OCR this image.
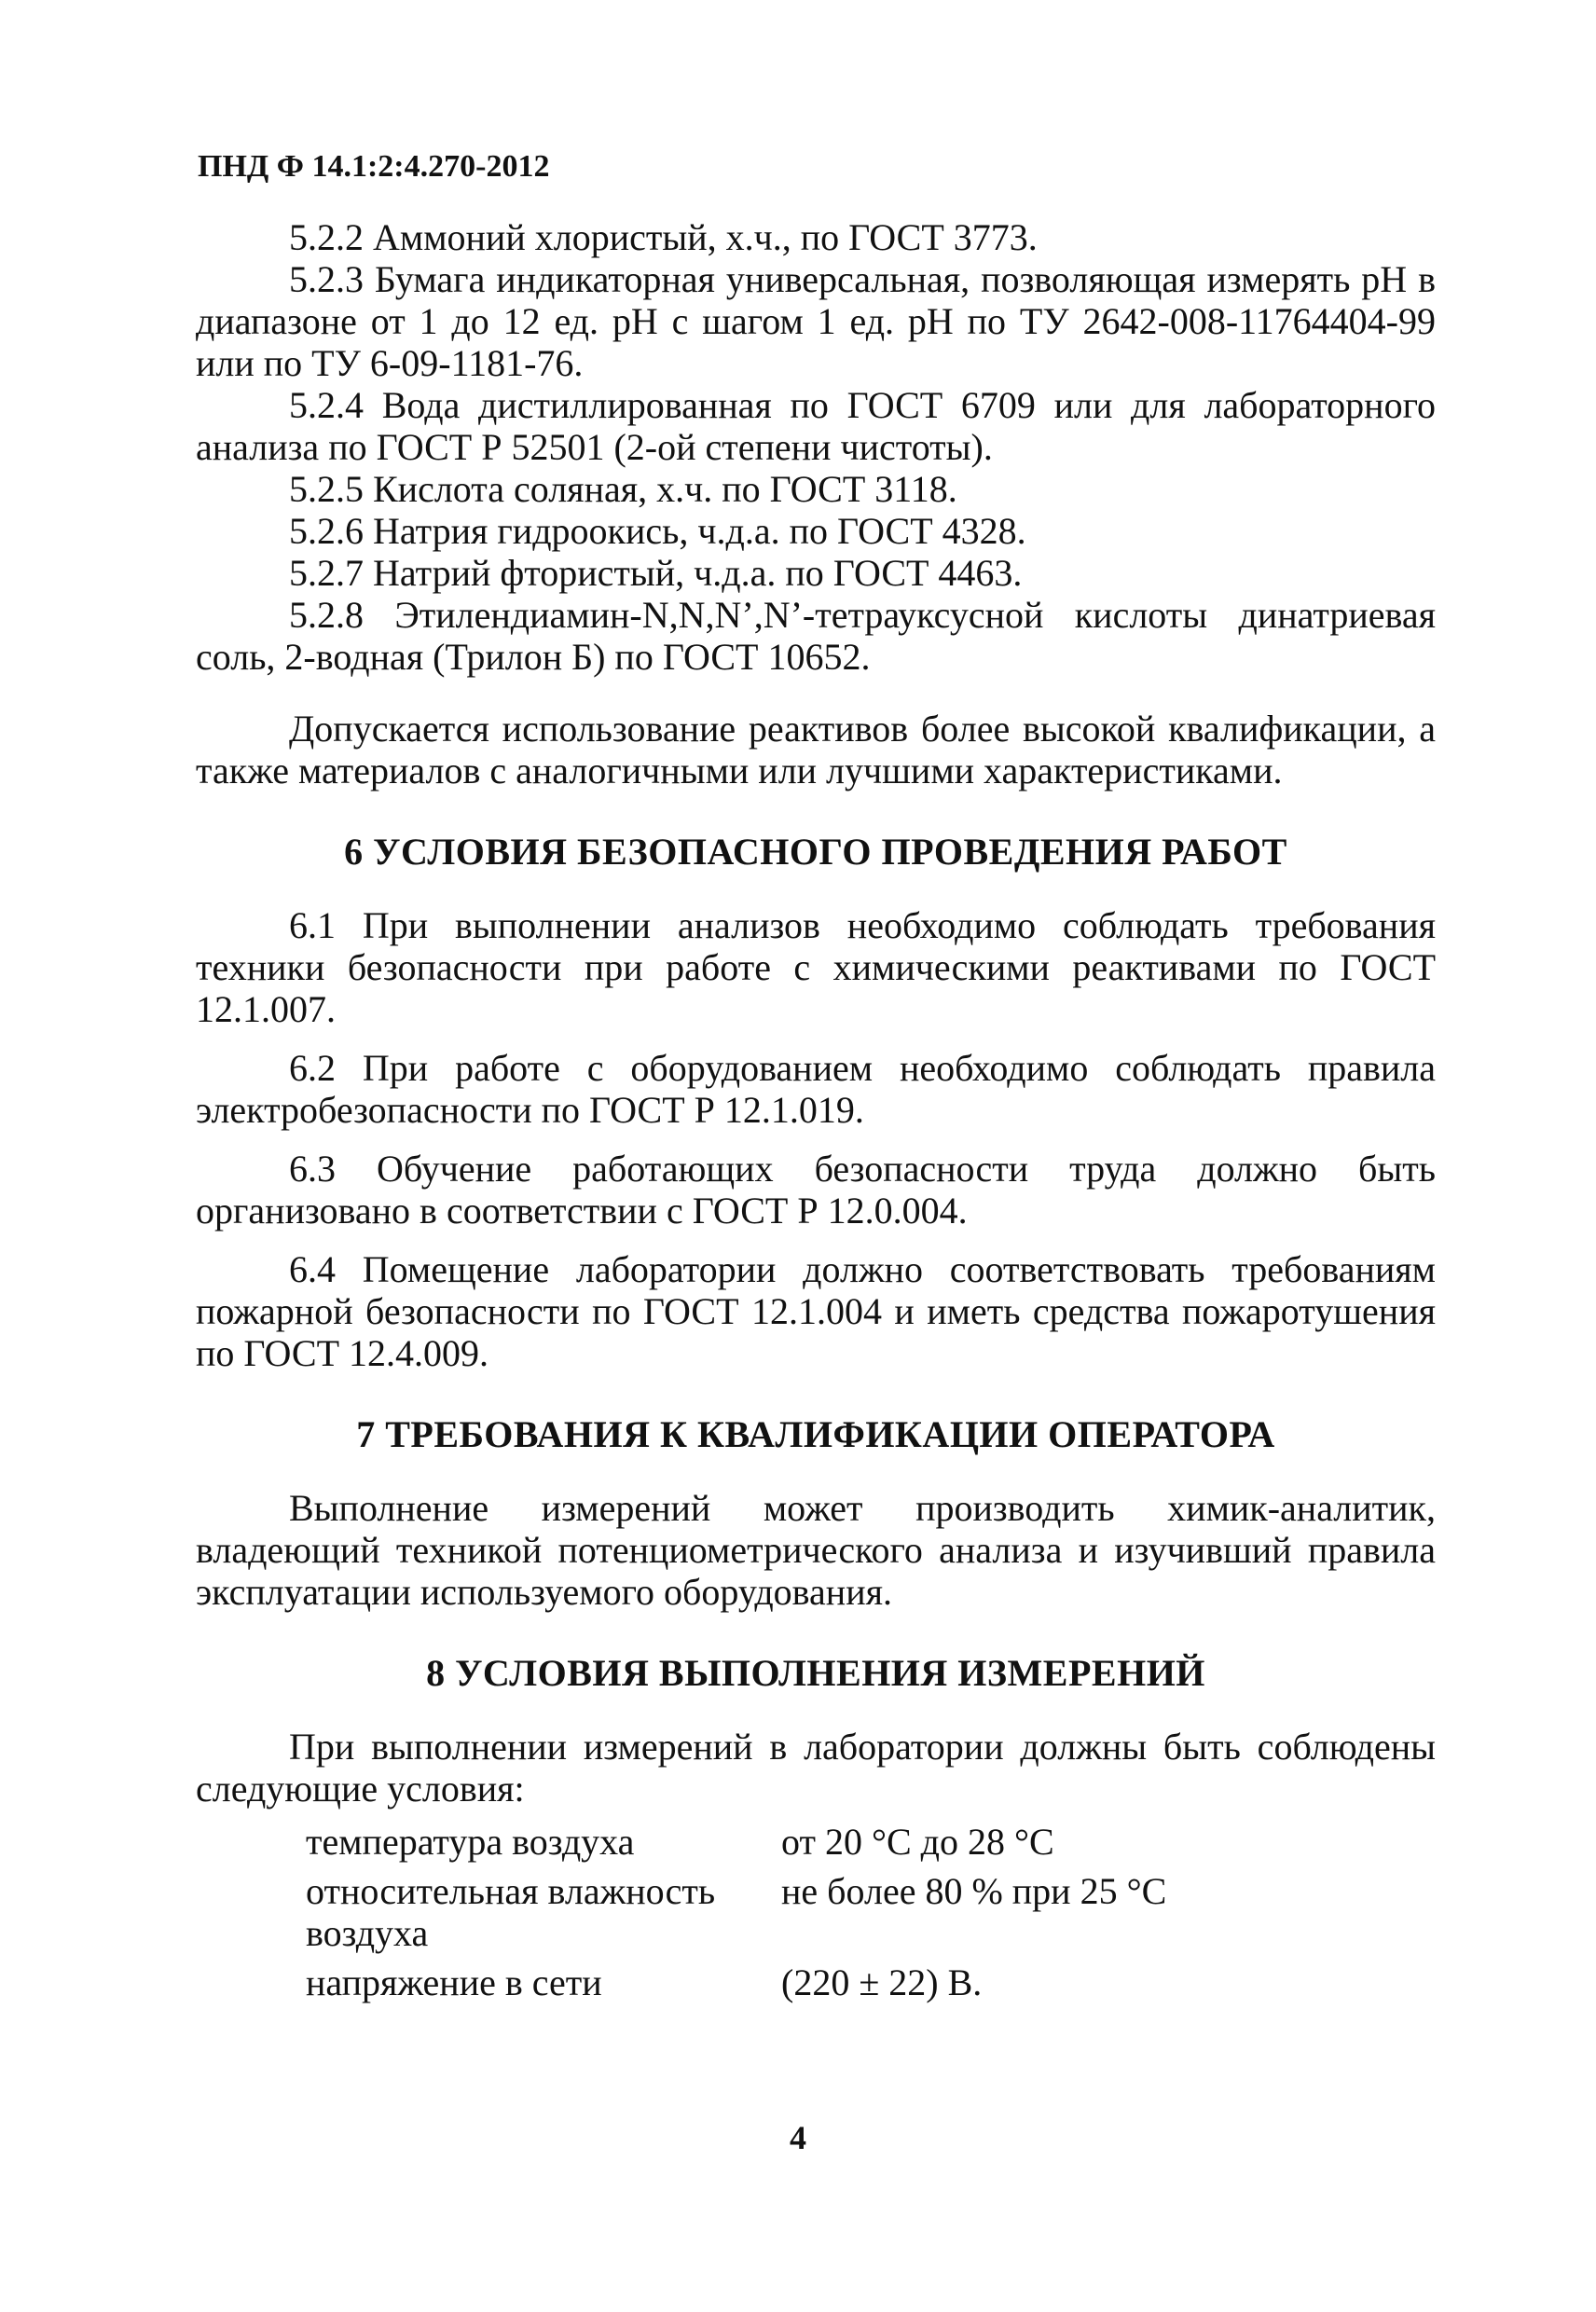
ПНД Ф 14.1:2:4.270-2012

5.2.2 Аммоний хлористый, х.ч., по ГОСТ 3773.

5.2.3 Бумага индикаторная универсальная, позволяющая измерять pH в диапазоне от 1 до 12 ед. pH с шагом 1 ед. pH по ТУ 2642-008-11764404-99 или по ТУ 6-09-1181-76.

5.2.4 Вода дистиллированная по ГОСТ 6709 или для лабораторного анализа по ГОСТ Р 52501 (2-ой степени чистоты).

5.2.5 Кислота соляная, х.ч. по ГОСТ 3118.

5.2.6 Натрия гидроокись, ч.д.а. по ГОСТ 4328.

5.2.7 Натрий фтористый, ч.д.а. по ГОСТ 4463.

5.2.8 Этилендиамин-N,N,N’,N’-тетрауксусной кислоты динатриевая соль, 2-водная (Трилон Б) по ГОСТ 10652.

Допускается использование реактивов более высокой квалификации, а также материалов с аналогичными или лучшими характеристиками.

6 УСЛОВИЯ БЕЗОПАСНОГО ПРОВЕДЕНИЯ РАБОТ

6.1 При выполнении анализов необходимо соблюдать требования техники безопасности при работе с химическими реактивами по ГОСТ 12.1.007.

6.2 При работе с оборудованием необходимо соблюдать правила электробезопасности по ГОСТ Р 12.1.019.

6.3 Обучение работающих безопасности труда должно быть организовано в соответствии с ГОСТ Р 12.0.004.

6.4 Помещение лаборатории должно соответствовать требованиям пожарной безопасности по ГОСТ 12.1.004 и иметь средства пожаротушения по ГОСТ 12.4.009.

7 ТРЕБОВАНИЯ К КВАЛИФИКАЦИИ ОПЕРАТОРА

Выполнение измерений может производить химик-аналитик, владеющий техникой потенциометрического анализа и изучивший правила эксплуатации используемого оборудования.

8 УСЛОВИЯ ВЫПОЛНЕНИЯ ИЗМЕРЕНИЙ

При выполнении измерений в лаборатории должны быть соблюдены следующие условия:

температура воздуха	от 20 °С до 28 °С
относительная влажность воздуха	не более 80 % при 25 °С
напряжение в сети	(220 ± 22) В.

4
